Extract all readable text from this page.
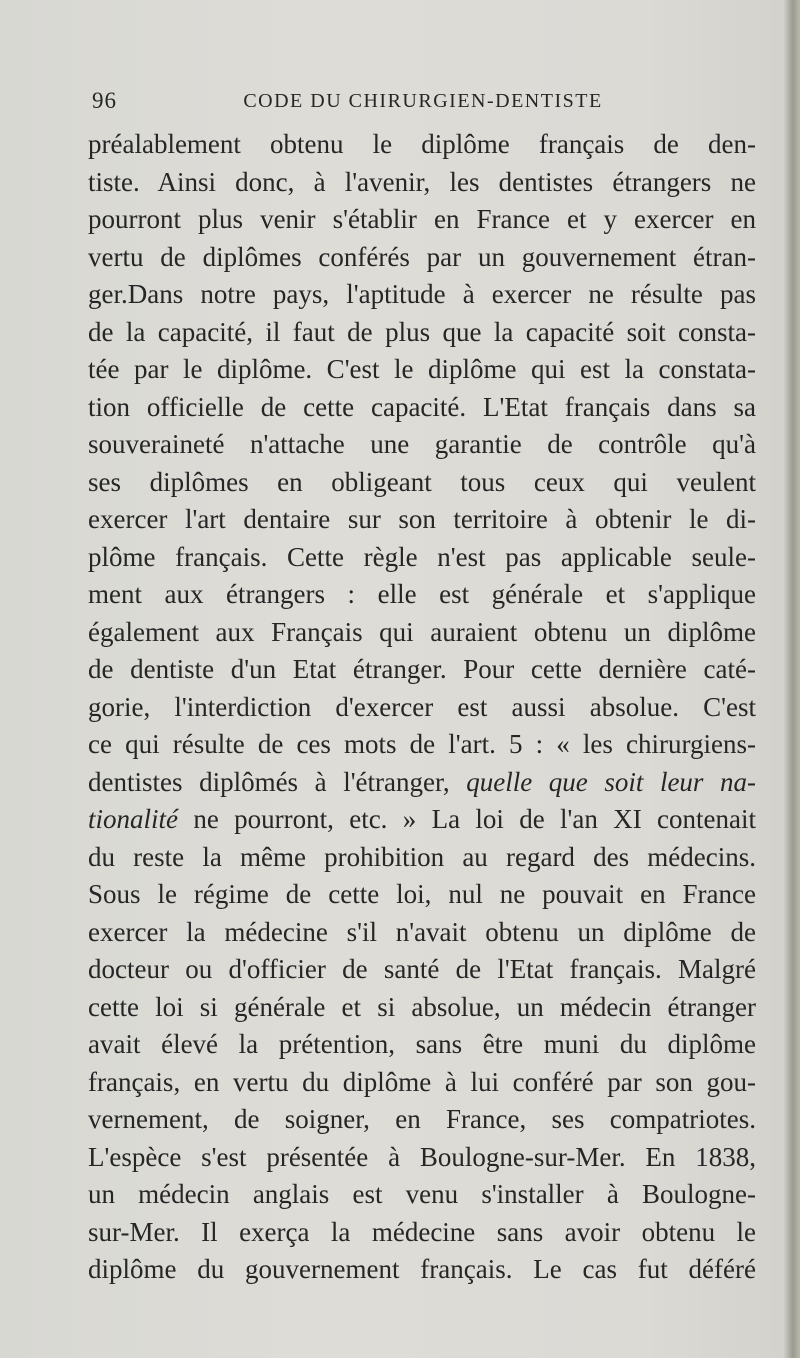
96	CODE DU CHIRURGIEN-DENTISTE
préalablement obtenu le diplôme français de den-
tiste. Ainsi donc, à l'avenir, les dentistes étrangers ne
pourront plus venir s'établir en France et y exercer en
vertu de diplômes conférés par un gouvernement étran-
ger.Dans notre pays, l'aptitude à exercer ne résulte pas
de la capacité, il faut de plus que la capacité soit consta-
tée par le diplôme. C'est le diplôme qui est la constata-
tion officielle de cette capacité. L'Etat français dans sa
souveraineté n'attache une garantie de contrôle qu'à
ses diplômes en obligeant tous ceux qui veulent
exercer l'art dentaire sur son territoire à obtenir le di-
plôme français. Cette règle n'est pas applicable seule-
ment aux étrangers : elle est générale et s'applique
également aux Français qui auraient obtenu un diplôme
de dentiste d'un Etat étranger. Pour cette dernière caté-
gorie, l'interdiction d'exercer est aussi absolue. C'est
ce qui résulte de ces mots de l'art. 5 : « les chirurgiens-
dentistes diplômés à l'étranger, quelle que soit leur na-
tionalité ne pourront, etc. » La loi de l'an XI contenait
du reste la même prohibition au regard des médecins.
Sous le régime de cette loi, nul ne pouvait en France
exercer la médecine s'il n'avait obtenu un diplôme de
docteur ou d'officier de santé de l'Etat français. Malgré
cette loi si générale et si absolue, un médecin étranger
avait élevé la prétention, sans être muni du diplôme
français, en vertu du diplôme à lui conféré par son gou-
vernement, de soigner, en France, ses compatriotes.
L'espèce s'est présentée à Boulogne-sur-Mer. En 1838,
un médecin anglais est venu s'installer à Boulogne-
sur-Mer. Il exerça la médecine sans avoir obtenu le
diplôme du gouvernement français. Le cas fut déféré
